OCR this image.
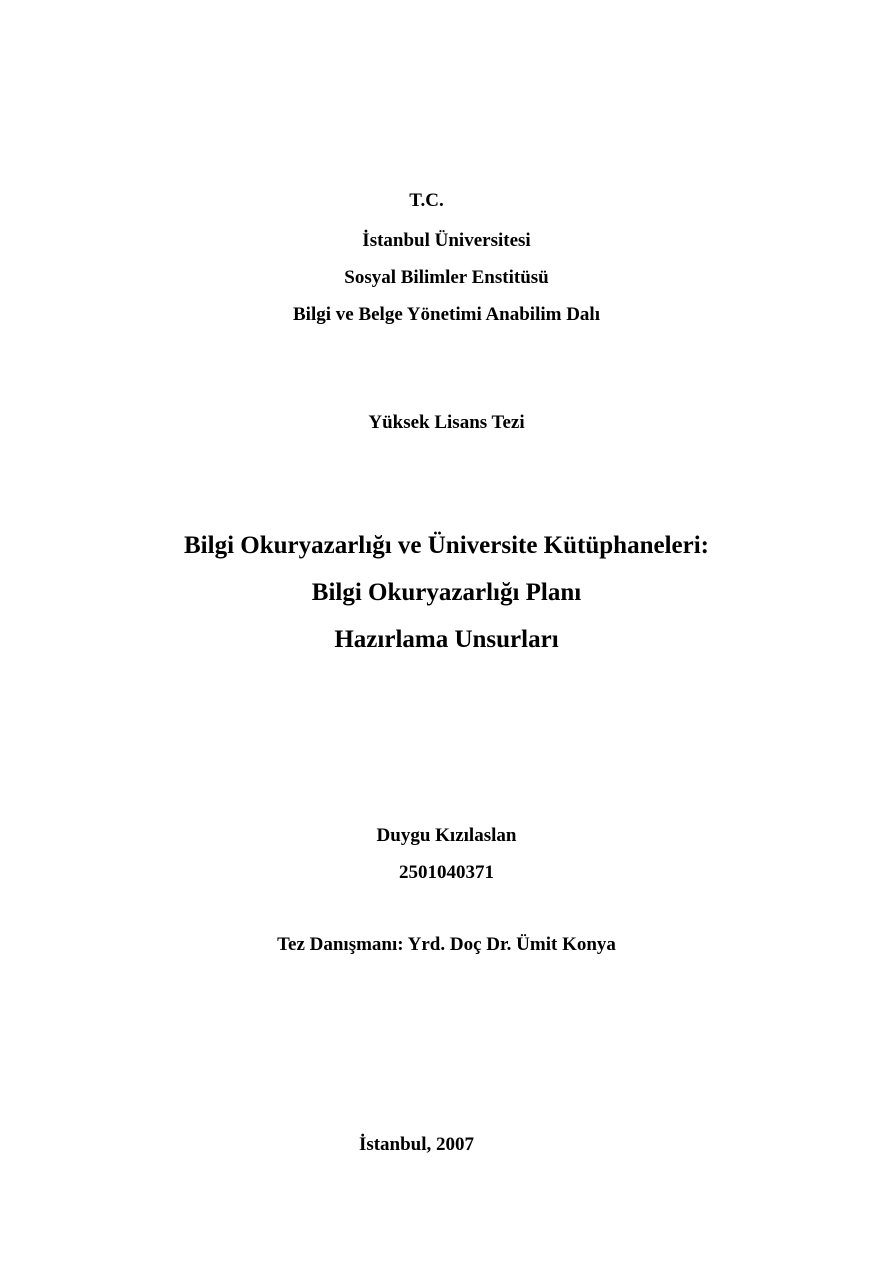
T.C.
İstanbul Üniversitesi
Sosyal Bilimler Enstitüsü
Bilgi ve Belge Yönetimi Anabilim Dalı
Yüksek Lisans Tezi
Bilgi Okuryazarlığı ve Üniversite Kütüphaneleri:
Bilgi Okuryazarlığı Planı
Hazırlama Unsurları
Duygu Kızılaslan
2501040371
Tez Danışmanı: Yrd. Doç Dr. Ümit Konya
İstanbul, 2007
